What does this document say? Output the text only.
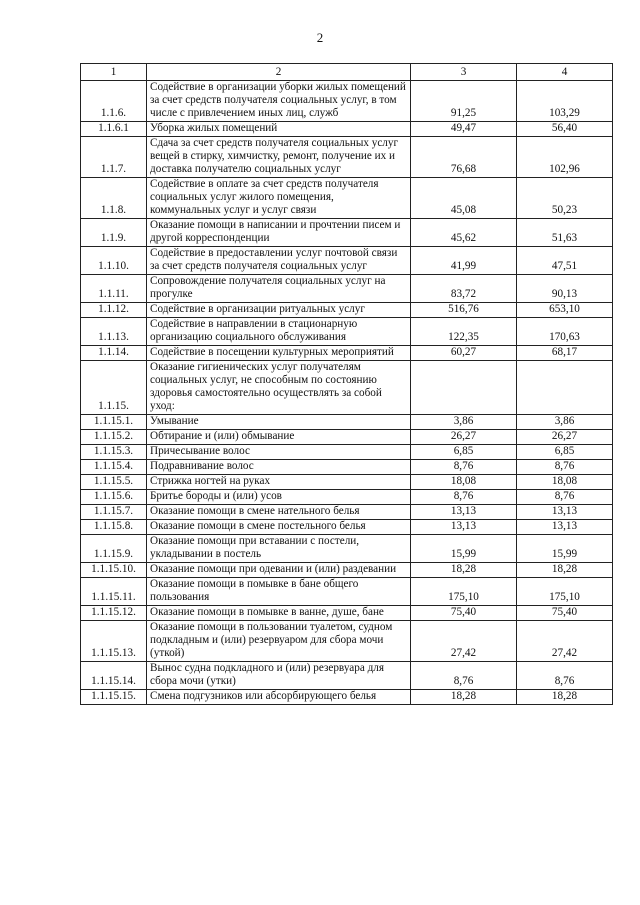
2
1	2	3	4
1.1.6.	Содействие в организации уборки жилых помещений за счет средств получателя социальных услуг, в том числе с привлечением иных лиц, служб	91,25	103,29
1.1.6.1	Уборка жилых помещений	49,47	56,40
1.1.7.	Сдача за счет средств получателя социальных услуг вещей в стирку, химчистку, ремонт, получение их и доставка получателю социальных услуг	76,68	102,96
1.1.8.	Содействие в оплате за счет средств получателя социальных услуг жилого помещения, коммунальных услуг и услуг связи	45,08	50,23
1.1.9.	Оказание помощи в написании и прочтении писем и другой корреспонденции	45,62	51,63
1.1.10.	Содействие в предоставлении услуг почтовой связи за счет средств получателя социальных услуг	41,99	47,51
1.1.11.	Сопровождение получателя социальных услуг на прогулке	83,72	90,13
1.1.12.	Содействие в организации ритуальных услуг	516,76	653,10
1.1.13.	Содействие в направлении в стационарную организацию социального обслуживания	122,35	170,63
1.1.14.	Содействие в посещении культурных мероприятий	60,27	68,17
1.1.15.	Оказание гигиенических услуг получателям социальных услуг, не способным по состоянию здоровья самостоятельно осуществлять за собой уход:		
1.1.15.1.	Умывание	3,86	3,86
1.1.15.2.	Обтирание и (или) обмывание	26,27	26,27
1.1.15.3.	Причесывание волос	6,85	6,85
1.1.15.4.	Подравнивание волос	8,76	8,76
1.1.15.5.	Стрижка ногтей на руках	18,08	18,08
1.1.15.6.	Бритье бороды и (или) усов	8,76	8,76
1.1.15.7.	Оказание помощи в смене нательного белья	13,13	13,13
1.1.15.8.	Оказание помощи в смене постельного белья	13,13	13,13
1.1.15.9.	Оказание помощи при вставании с постели, укладывании в постель	15,99	15,99
1.1.15.10.	Оказание помощи при одевании и (или) раздевании	18,28	18,28
1.1.15.11.	Оказание помощи в помывке в бане общего пользования	175,10	175,10
1.1.15.12.	Оказание помощи в помывке в ванне, душе, бане	75,40	75,40
1.1.15.13.	Оказание помощи в пользовании туалетом, судном подкладным и (или) резервуаром для сбора мочи (уткой)	27,42	27,42
1.1.15.14.	Вынос судна подкладного и (или) резервуара для сбора мочи (утки)	8,76	8,76
1.1.15.15.	Смена подгузников или абсорбирующего белья	18,28	18,28
